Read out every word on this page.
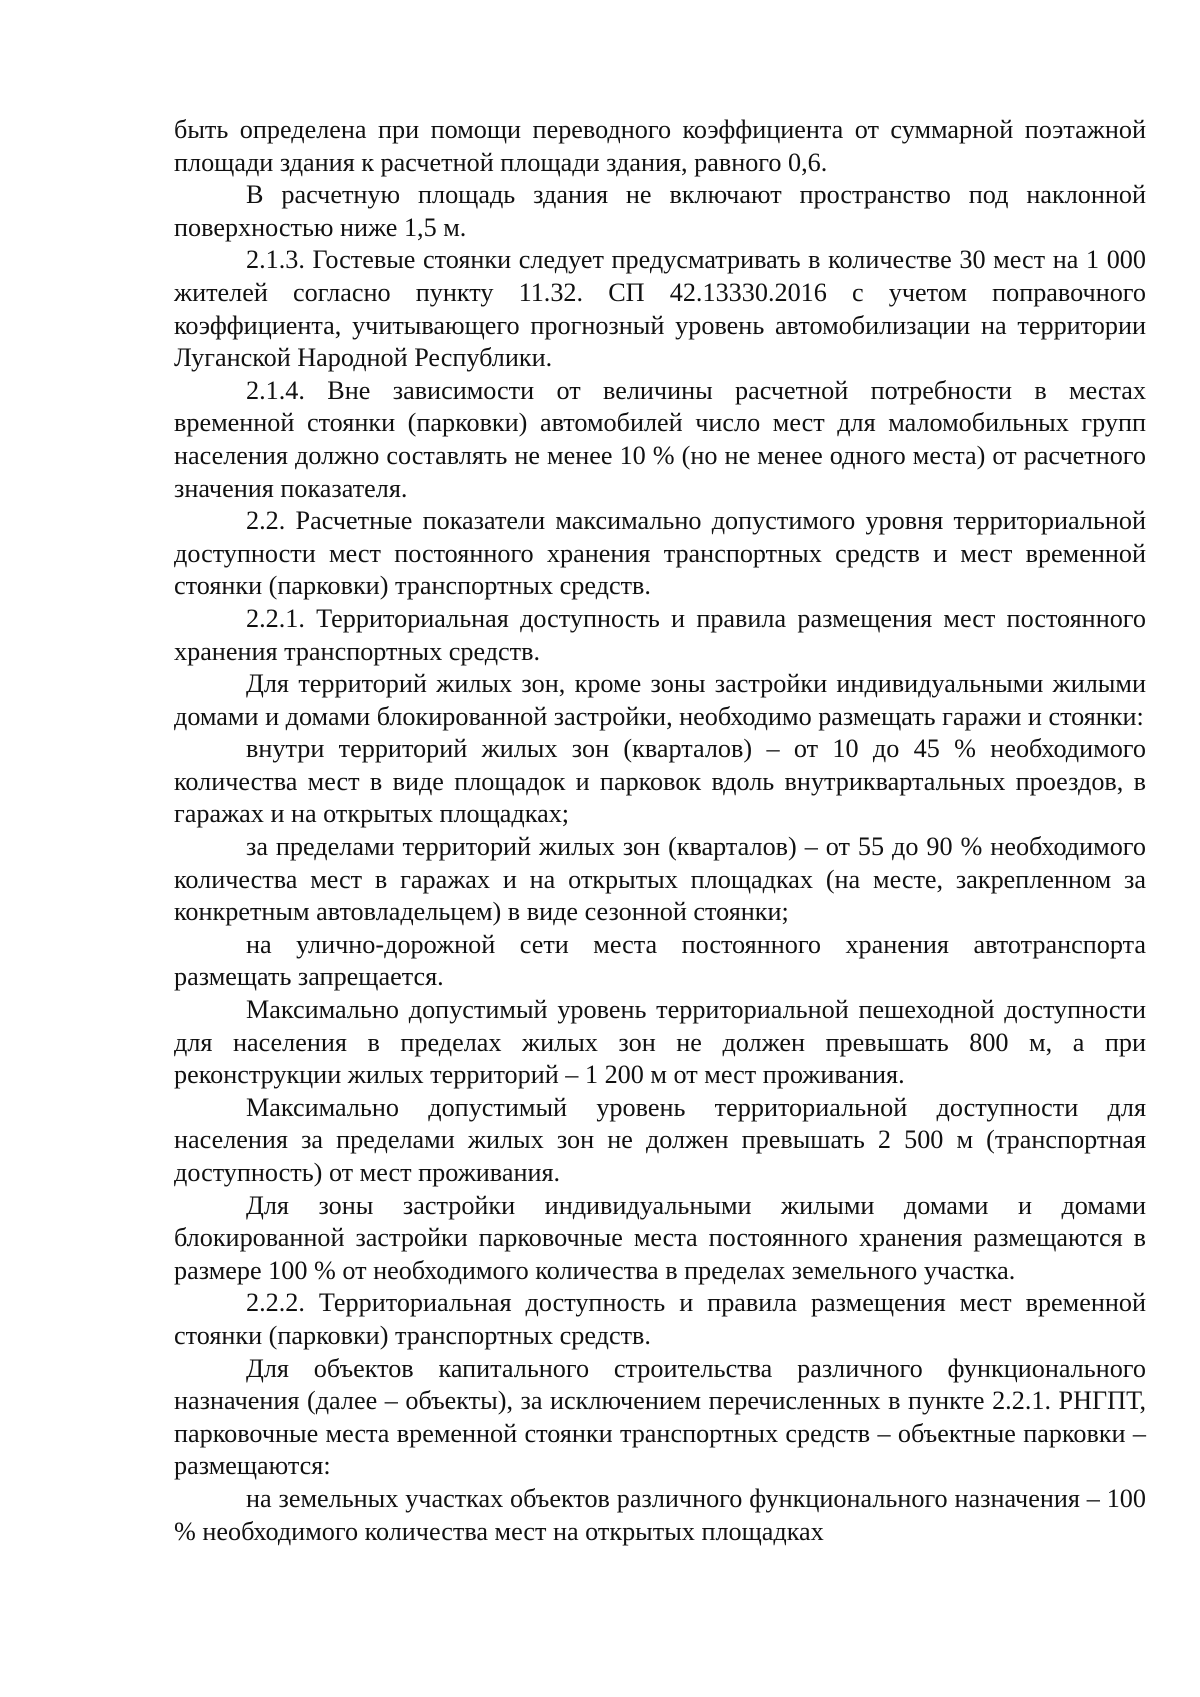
быть определена при помощи переводного коэффициента от суммарной поэтажной площади здания к расчетной площади здания, равного 0,6.

В расчетную площадь здания не включают пространство под наклонной поверхностью ниже 1,5 м.

2.1.3. Гостевые стоянки следует предусматривать в количестве 30 мест на 1 000 жителей согласно пункту 11.32. СП 42.13330.2016 с учетом поправочного коэффициента, учитывающего прогнозный уровень автомобилизации на территории Луганской Народной Республики.

2.1.4. Вне зависимости от величины расчетной потребности в местах временной стоянки (парковки) автомобилей число мест для маломобильных групп населения должно составлять не менее 10 % (но не менее одного места) от расчетного значения показателя.

2.2. Расчетные показатели максимально допустимого уровня территориальной доступности мест постоянного хранения транспортных средств и мест временной стоянки (парковки) транспортных средств.

2.2.1. Территориальная доступность и правила размещения мест постоянного хранения транспортных средств.

Для территорий жилых зон, кроме зоны застройки индивидуальными жилыми домами и домами блокированной застройки, необходимо размещать гаражи и стоянки:

внутри территорий жилых зон (кварталов) – от 10 до 45 % необходимого количества мест в виде площадок и парковок вдоль внутриквартальных проездов, в гаражах и на открытых площадках;

за пределами территорий жилых зон (кварталов) – от 55 до 90 % необходимого количества мест в гаражах и на открытых площадках (на месте, закрепленном за конкретным автовладельцем) в виде сезонной стоянки;

на улично-дорожной сети места постоянного хранения автотранспорта размещать запрещается.

Максимально допустимый уровень территориальной пешеходной доступности для населения в пределах жилых зон не должен превышать 800 м, а при реконструкции жилых территорий – 1 200 м от мест проживания.

Максимально допустимый уровень территориальной доступности для населения за пределами жилых зон не должен превышать 2 500 м (транспортная доступность) от мест проживания.

Для зоны застройки индивидуальными жилыми домами и домами блокированной застройки парковочные места постоянного хранения размещаются в размере 100 % от необходимого количества в пределах земельного участка.

2.2.2. Территориальная доступность и правила размещения мест временной стоянки (парковки) транспортных средств.

Для объектов капитального строительства различного функционального назначения (далее – объекты), за исключением перечисленных в пункте 2.2.1. РНГПТ, парковочные места временной стоянки транспортных средств – объектные парковки – размещаются:

на земельных участках объектов различного функционального назначения – 100 % необходимого количества мест на открытых площадках
